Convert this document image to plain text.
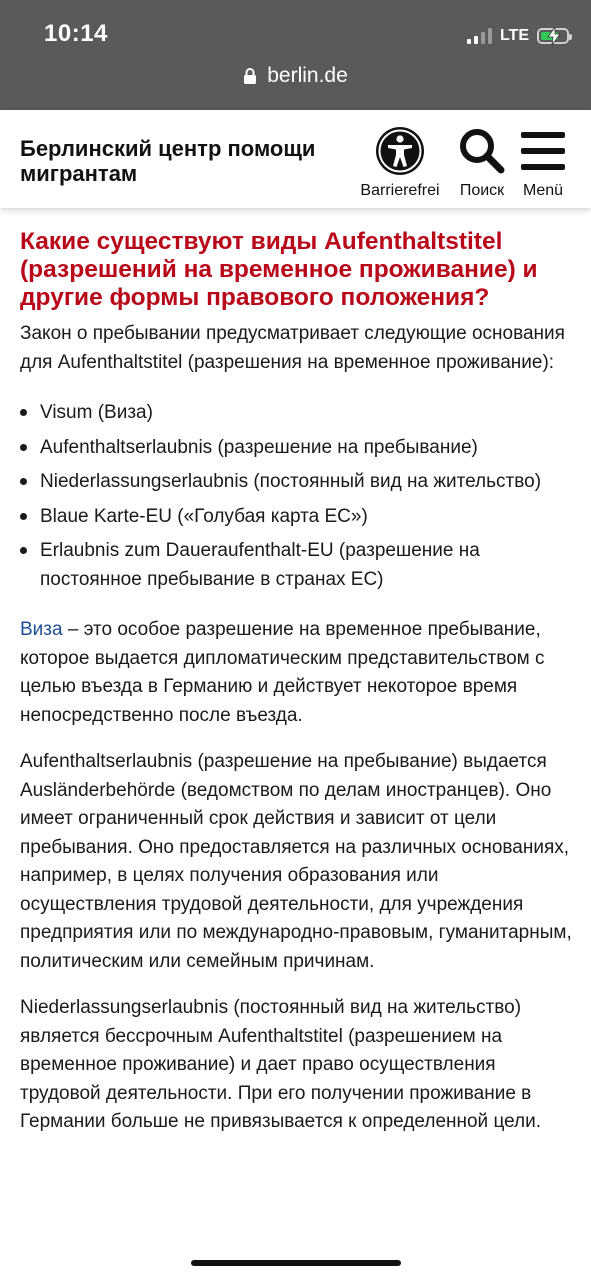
10:14	LTE
berlin.de
Берлинский центр помощи мигрантам
Barrierefrei Поиск Menü
Какие существуют виды Aufenthaltstitel (разрешений на временное проживание) и другие формы правового положения?

Закон о пребывании предусматривает следующие основания для Aufenthaltstitel (разрешения на временное проживание):

Visum (Виза)
Aufenthaltserlaubnis (разрешение на пребывание)
Niederlassungserlaubnis (постоянный вид на жительство)
Blaue Karte-EU («Голубая карта ЕС»)
Erlaubnis zum Daueraufenthalt-EU (разрешение на постоянное пребывание в странах ЕС)

Виза – это особое разрешение на временное пребывание, которое выдается дипломатическим представительством с целью въезда в Германию и действует некоторое время непосредственно после въезда.

Aufenthaltserlaubnis (разрешение на пребывание) выдается Ausländerbehörde (ведомством по делам иностранцев). Оно имеет ограниченный срок действия и зависит от цели пребывания. Оно предоставляется на различных основаниях, например, в целях получения образования или осуществления трудовой деятельности, для учреждения предприятия или по международно-правовым, гуманитарным, политическим или семейным причинам.

Niederlassungserlaubnis (постоянный вид на жительство) является бессрочным Aufenthaltstitel (разрешением на временное проживание) и дает право осуществления трудовой деятельности. При его получении проживание в Германии больше не привязывается к определенной цели.
